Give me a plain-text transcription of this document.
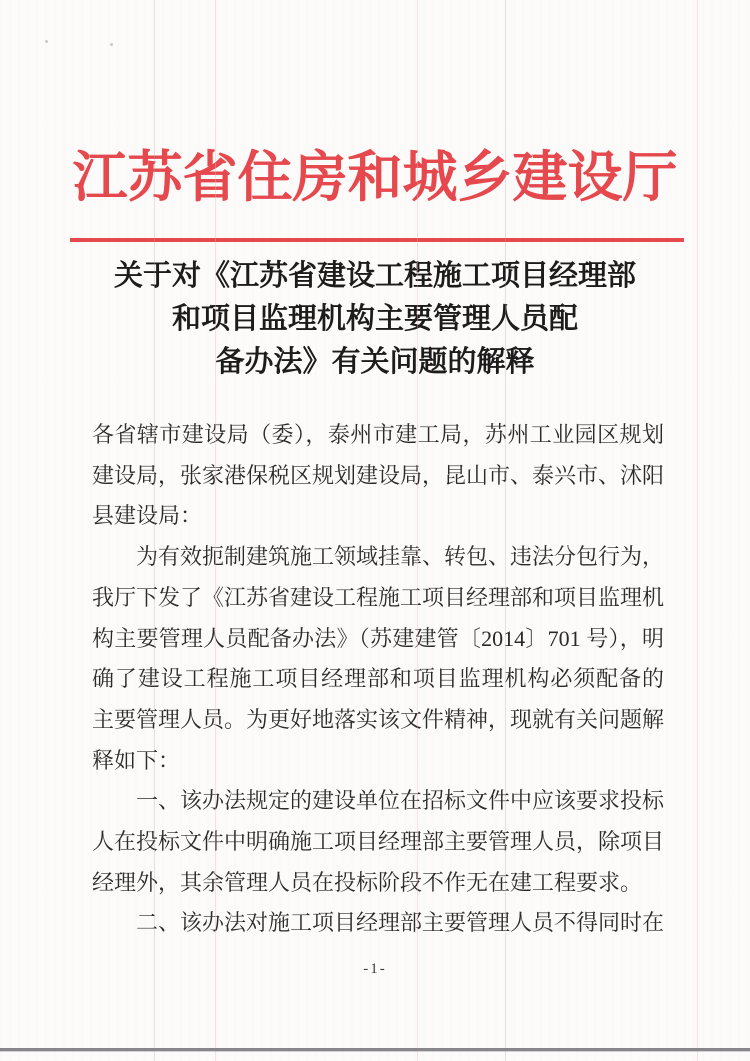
江苏省住房和城乡建设厅
关于对《江苏省建设工程施工项目经理部
和项目监理机构主要管理人员配
备办法》有关问题的解释

各省辖市建设局（委），泰州市建工局，苏州工业园区规划
建设局，张家港保税区规划建设局，昆山市、泰兴市、沭阳
县建设局：

为有效扼制建筑施工领域挂靠、转包、违法分包行为，
我厅下发了《江苏省建设工程施工项目经理部和项目监理机
构主要管理人员配备办法》（苏建建管〔2014〕701 号），明
确了建设工程施工项目经理部和项目监理机构必须配备的
主要管理人员。为更好地落实该文件精神，现就有关问题解
释如下：

一、该办法规定的建设单位在招标文件中应该要求投标
人在投标文件中明确施工项目经理部主要管理人员，除项目
经理外，其余管理人员在投标阶段不作无在建工程要求。

二、该办法对施工项目经理部主要管理人员不得同时在

-1-
